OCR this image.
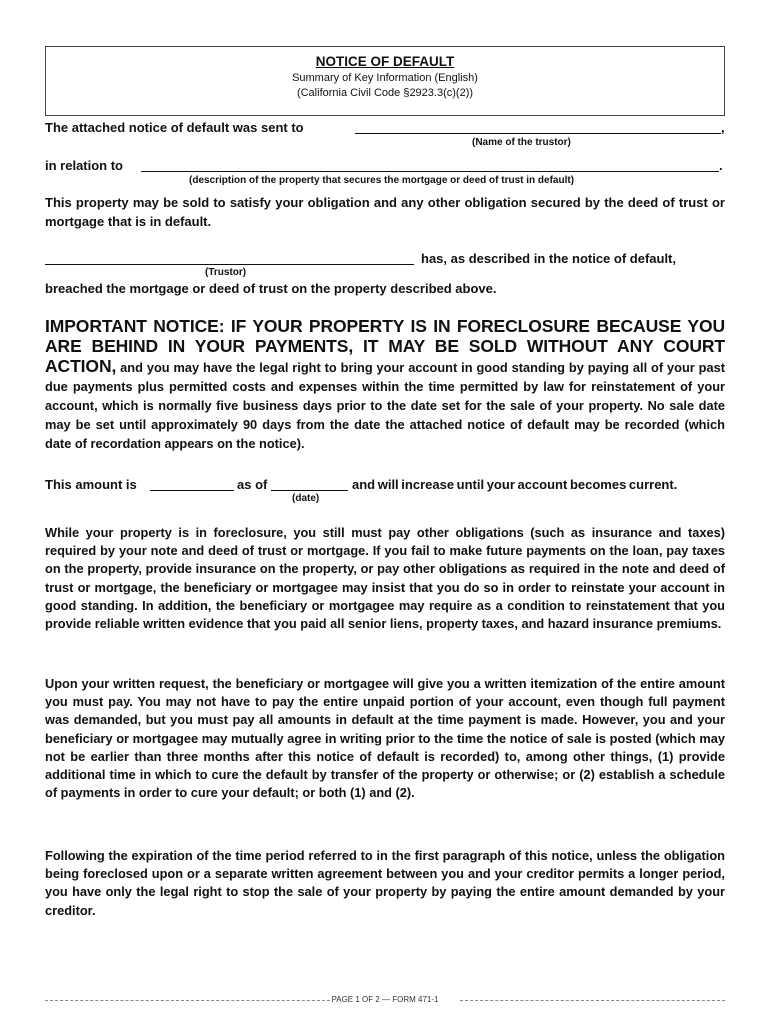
NOTICE OF DEFAULT
Summary of Key Information (English)
(California Civil Code §2923.3(c)(2))
The attached notice of default was sent to	,
(Name of the trustor)
in relation to	.
(description of the property that secures the mortgage or deed of trust in default)
This property may be sold to satisfy your obligation and any other obligation secured by the deed of trust or mortgage that is in default.
has, as described in the notice of default,
(Trustor)
breached the mortgage or deed of trust on the property described above.
IMPORTANT NOTICE: IF YOUR PROPERTY IS IN FORECLOSURE BECAUSE YOU ARE BEHIND IN YOUR PAYMENTS, IT MAY BE SOLD WITHOUT ANY COURT ACTION, and you may have the legal right to bring your account in good standing by paying all of your past due payments plus permitted costs and expenses within the time permitted by law for reinstatement of your account, which is normally five business days prior to the date set for the sale of your property. No sale date may be set until approximately 90 days from the date the attached notice of default may be recorded (which date of recordation appears on the notice).
This amount is	as of	and will increase until your account becomes current.
(date)
While your property is in foreclosure, you still must pay other obligations (such as insurance and taxes) required by your note and deed of trust or mortgage. If you fail to make future payments on the loan, pay taxes on the property, provide insurance on the property, or pay other obligations as required in the note and deed of trust or mortgage, the beneficiary or mortgagee may insist that you do so in order to reinstate your account in good standing. In addition, the beneficiary or mortgagee may require as a condition to reinstatement that you provide reliable written evidence that you paid all senior liens, property taxes, and hazard insurance premiums.
Upon your written request, the beneficiary or mortgagee will give you a written itemization of the entire amount you must pay. You may not have to pay the entire unpaid portion of your account, even though full payment was demanded, but you must pay all amounts in default at the time payment is made. However, you and your beneficiary or mortgagee may mutually agree in writing prior to the time the notice of sale is posted (which may not be earlier than three months after this notice of default is recorded) to, among other things, (1) provide additional time in which to cure the default by transfer of the property or otherwise; or (2) establish a schedule of payments in order to cure your default; or both (1) and (2).
Following the expiration of the time period referred to in the first paragraph of this notice, unless the obligation being foreclosed upon or a separate written agreement between you and your creditor permits a longer period, you have only the legal right to stop the sale of your property by paying the entire amount demanded by your creditor.
PAGE 1 OF 2 — FORM 471-1
